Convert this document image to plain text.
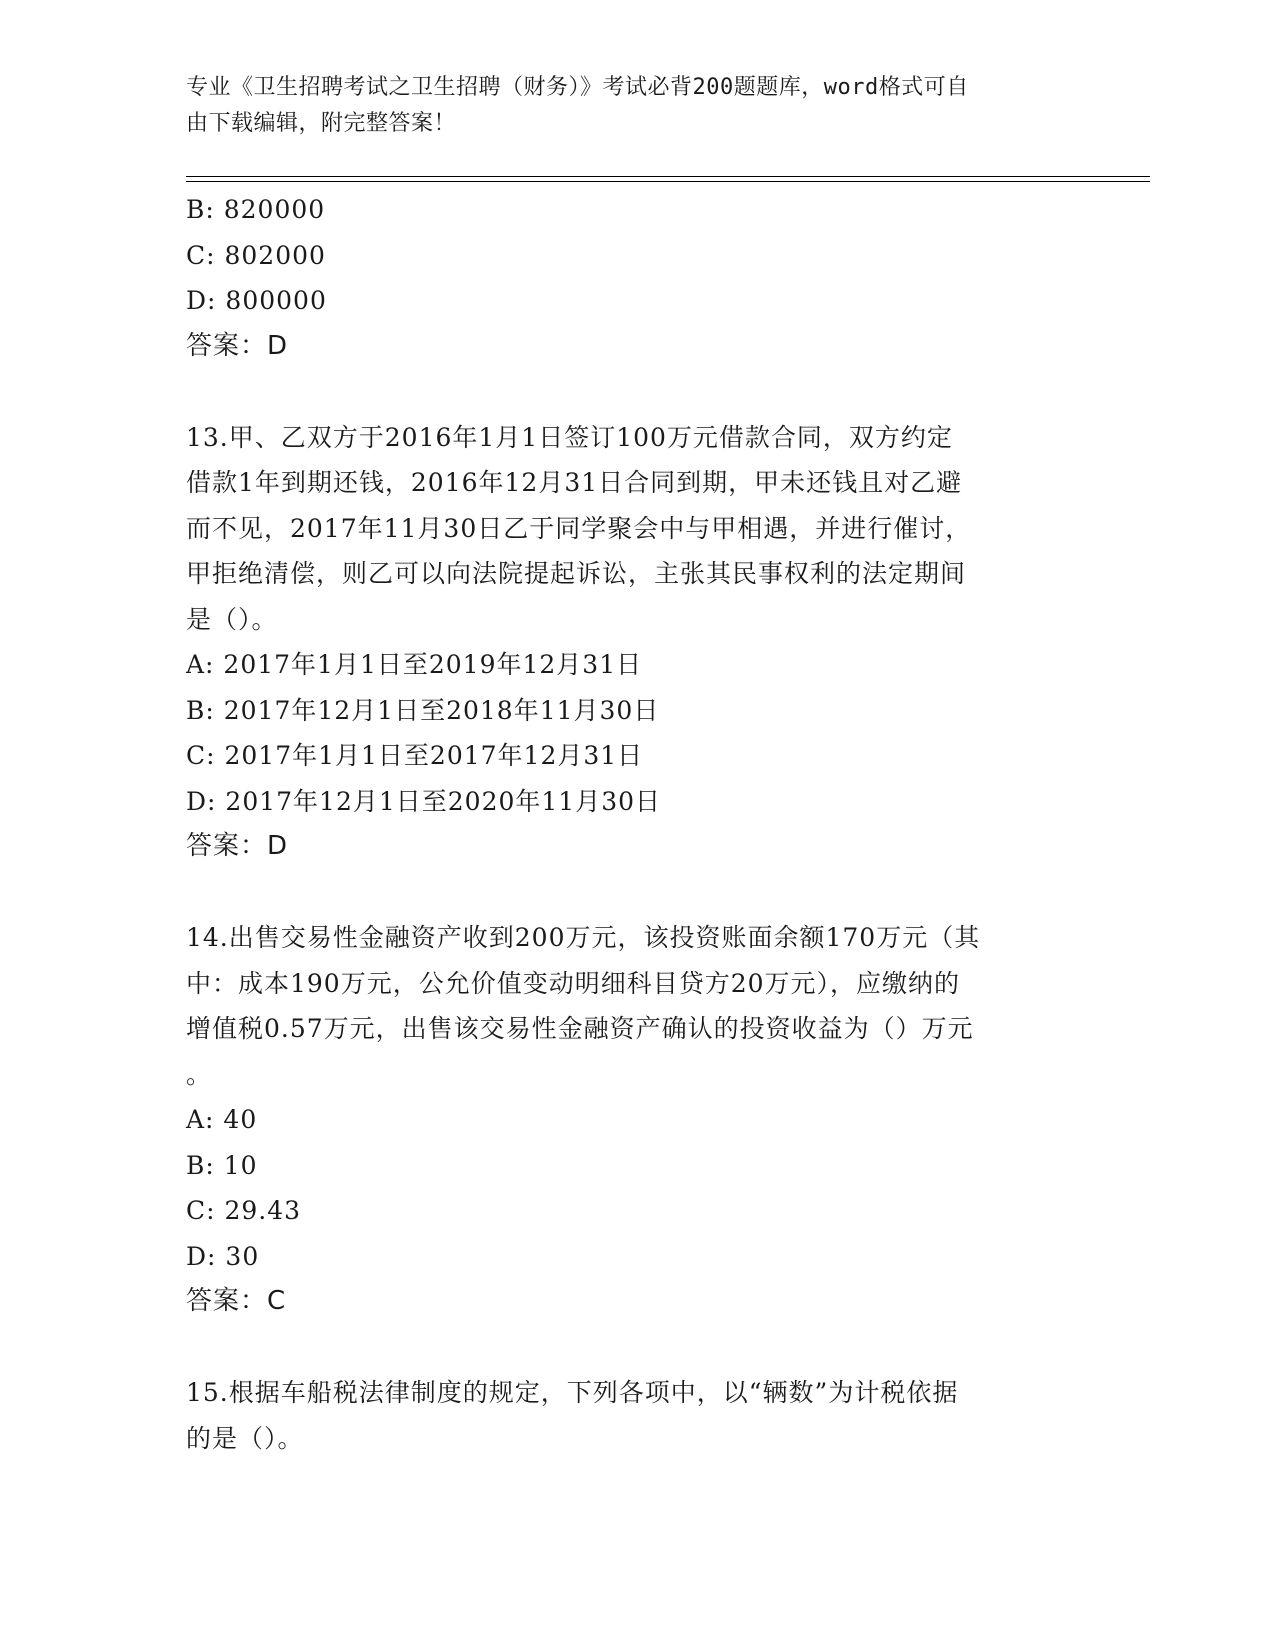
专业《卫生招聘考试之卫生招聘（财务）》考试必背200题题库，word格式可自
由下载编辑，附完整答案！
B: 820000
C: 802000
D: 800000
答案：D
13.甲、乙双方于2016年1月1日签订100万元借款合同，双方约定
借款1年到期还钱，2016年12月31日合同到期，甲未还钱且对乙避
而不见，2017年11月30日乙于同学聚会中与甲相遇，并进行催讨，
甲拒绝清偿，则乙可以向法院提起诉讼，主张其民事权利的法定期间
是（）。
A: 2017年1月1日至2019年12月31日
B: 2017年12月1日至2018年11月30日
C: 2017年1月1日至2017年12月31日
D: 2017年12月1日至2020年11月30日
答案：D
14.出售交易性金融资产收到200万元，该投资账面余额170万元（其
中：成本190万元，公允价值变动明细科目贷方20万元），应缴纳的
增值税0.57万元，出售该交易性金融资产确认的投资收益为（）万元
。
A: 40
B: 10
C: 29.43
D: 30
答案：C
15.根据车船税法律制度的规定，下列各项中，以“辆数”为计税依据
的是（）。
